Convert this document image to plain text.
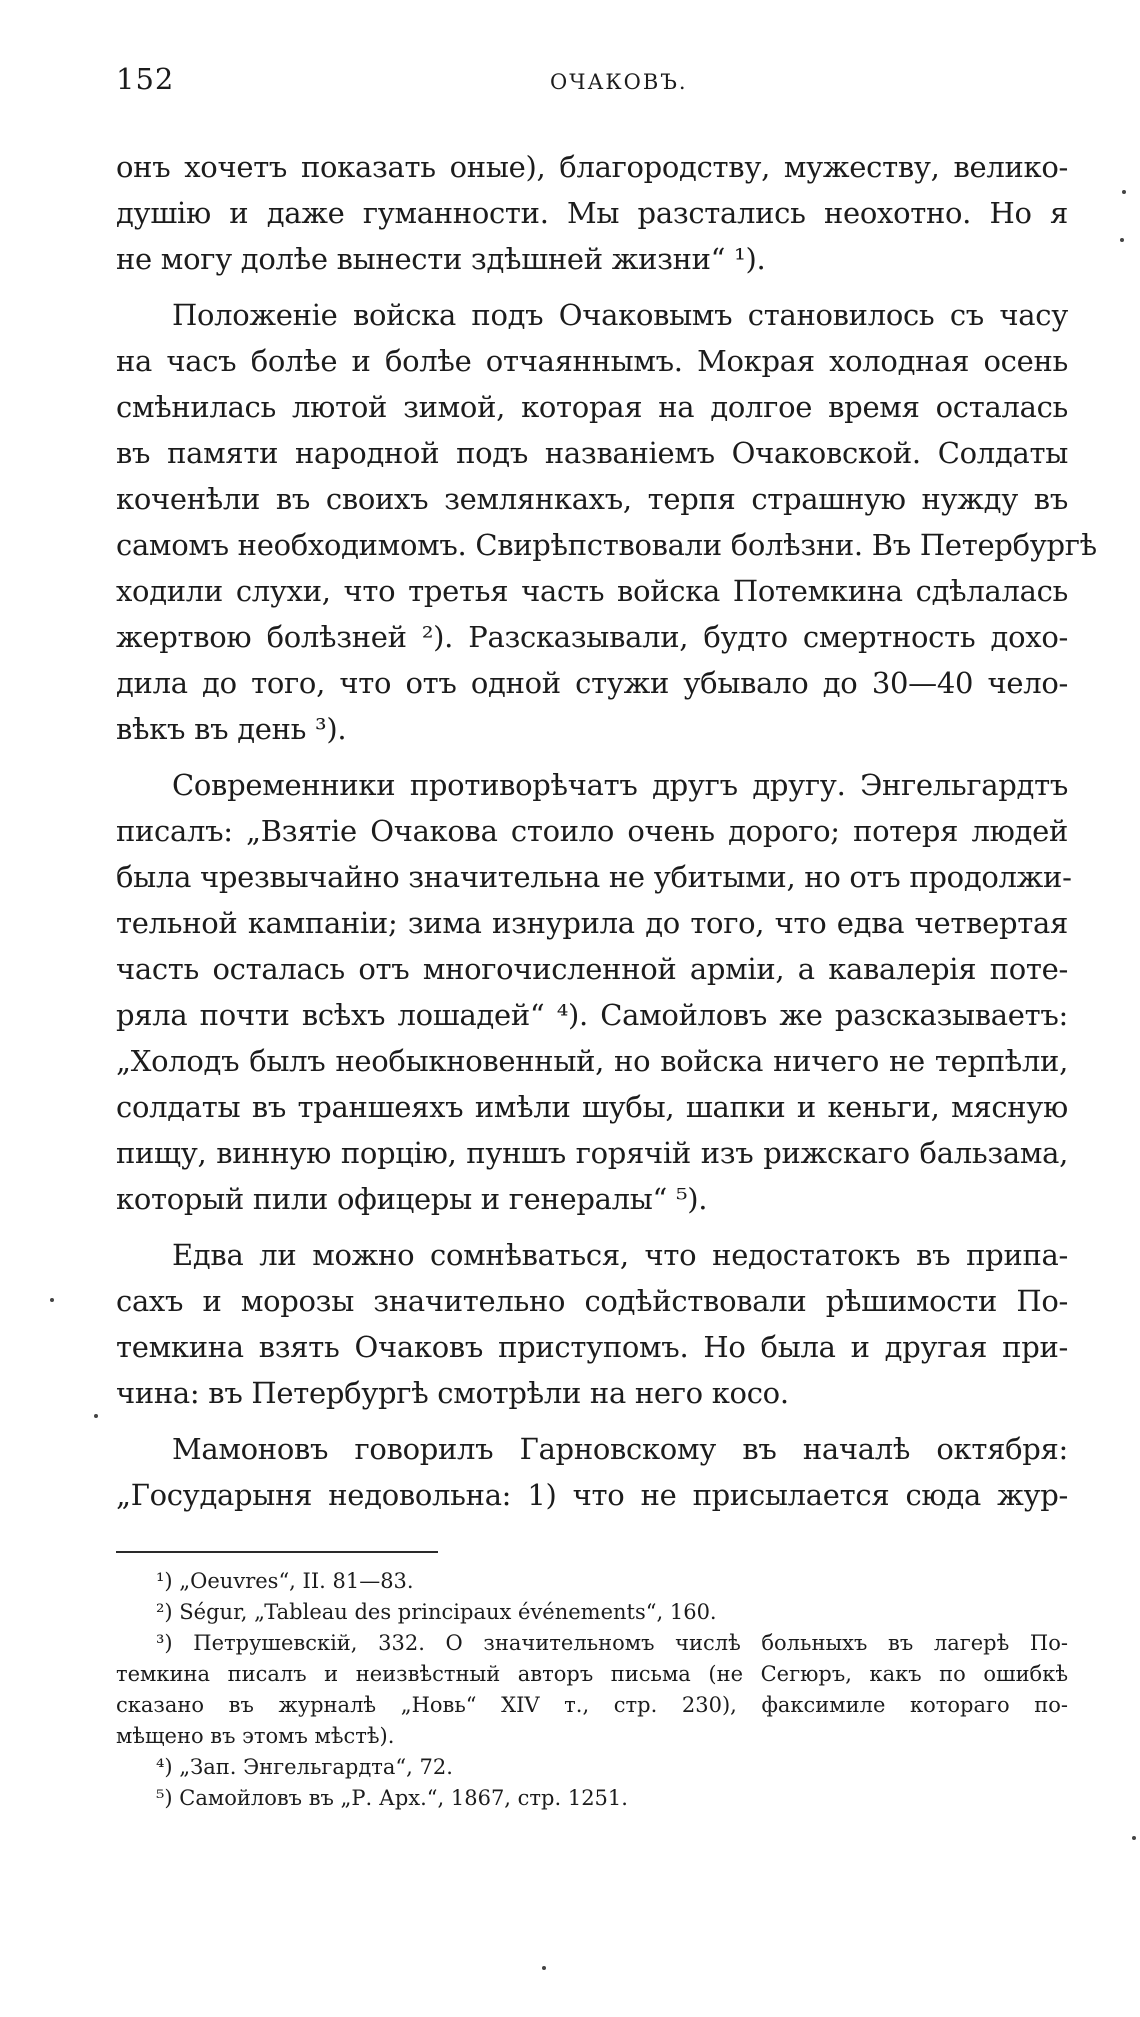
152	ОЧАКОВЪ.
онъ хочетъ показать оные), благородству, мужеству, велико-
душію и даже гуманности. Мы разстались неохотно. Но я
не могу долѣе вынести здѣшней жизни“ ¹).
Положеніе войска подъ Очаковымъ становилось съ часу
на часъ болѣе и болѣе отчаяннымъ. Мокрая холодная осень
смѣнилась лютой зимой, которая на долгое время осталась
въ памяти народной подъ названіемъ Очаковской. Солдаты
коченѣли въ своихъ землянкахъ, терпя страшную нужду въ
самомъ необходимомъ. Свирѣпствовали болѣзни. Въ Петербургѣ
ходили слухи, что третья часть войска Потемкина сдѣлалась
жертвою болѣзней ²). Разсказывали, будто смертность дохо-
дила до того, что отъ одной стужи убывало до 30—40 чело-
вѣкъ въ день ³).
Современники противорѣчатъ другъ другу. Энгельгардтъ
писалъ: „Взятіе Очакова стоило очень дорого; потеря людей
была чрезвычайно значительна не убитыми, но отъ продолжи-
тельной кампаніи; зима изнурила до того, что едва четвертая
часть осталась отъ многочисленной арміи, а кавалерія поте-
ряла почти всѣхъ лошадей“ ⁴). Самойловъ же разсказываетъ:
„Холодъ былъ необыкновенный, но войска ничего не терпѣли,
солдаты въ траншеяхъ имѣли шубы, шапки и кеньги, мясную
пищу, винную порцію, пуншъ горячій изъ рижскаго бальзама,
который пили офицеры и генералы“ ⁵).
Едва ли можно сомнѣваться, что недостатокъ въ припа-
сахъ и морозы значительно содѣйствовали рѣшимости По-
темкина взять Очаковъ приступомъ. Но была и другая при-
чина: въ Петербургѣ смотрѣли на него косо.
Мамоновъ говорилъ Гарновскому въ началѣ октября:
„Государыня недовольна: 1) что не присылается сюда жур-
¹) „Oeuvres“, II. 81—83.
²) Ségur, „Tableau des principaux événements“, 160.
³) Петрушевскій, 332. О значительномъ числѣ больныхъ въ лагерѣ По-
темкина писалъ и неизвѣстный авторъ письма (не Сегюръ, какъ по ошибкѣ
сказано въ журналѣ „Новь“ XIV т., стр. 230), факсимиле котораго по-
мѣщено въ этомъ мѣстѣ).
⁴) „Зап. Энгельгардта“, 72.
⁵) Самойловъ въ „Р. Арх.“, 1867, стр. 1251.
